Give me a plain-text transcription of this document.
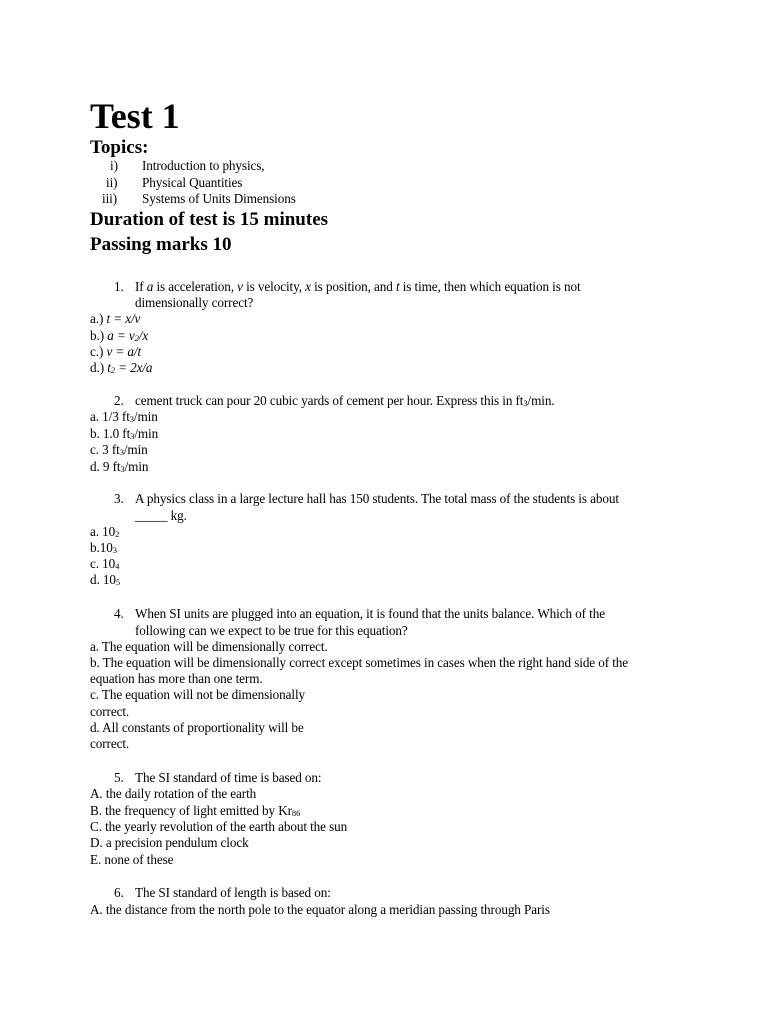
Test 1
Topics:
i) Introduction to physics,
ii) Physical Quantities
iii) Systems of Units Dimensions
Duration of test is 15 minutes
Passing marks 10
1. If a is acceleration, v is velocity, x is position, and t is time, then which equation is not
dimensionally correct?
a.) t = x/v
b.) $a = v_2/x$
c.) v = a/t
d.) $t_2 = 2x/a$
2. cement truck can pour 20 cubic yards of cement per hour. Express this in $ft_3/\min$.
a. 1/3 $ft_3/\min$
b. 1.0 $ft_3/\min$
c. 3 $ft_3/\min$
d. 9 $ft_3/\min$
3. A physics class in a large lecture hall has 150 students. The total mass of the students is about
_____ kg.
a. $10_2$
$b.10_3$
c. $10_4$
d. $10_5$
4. When SI units are plugged into an equation, it is found that the units balance. Which of the
following can we expect to be true for this equation?
a. The equation will be dimensionally correct.
b. The equation will be dimensionally correct except sometimes in cases when the right hand side of the
equation has more than one term.
c. The equation will not be dimensionally
correct.
d. All constants of proportionality will be
correct.
5. The SI standard of time is based on:
A. the daily rotation of the earth
B. the frequency of light emitted by $Kr_{86}$
C. the yearly revolution of the earth about the sun
D. a precision pendulum clock
E. none of these
6. The SI standard of length is based on:
A. the distance from the north pole to the equator along a meridian passing through Paris
